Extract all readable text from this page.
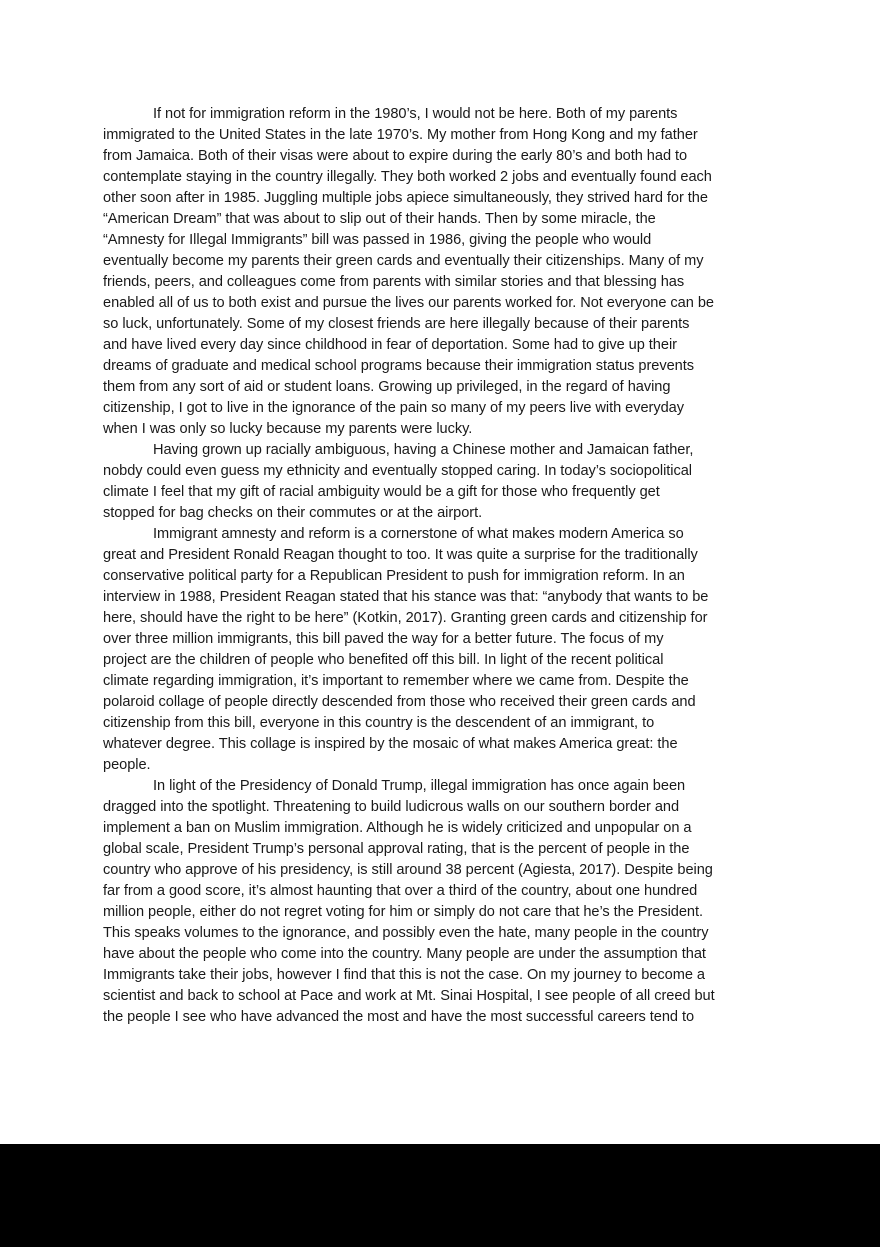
If not for immigration reform in the 1980’s, I would not be here. Both of my parents
immigrated to the United States in the late 1970’s. My mother from Hong Kong and my father
from Jamaica. Both of their visas were about to expire during the early 80’s and both had to
contemplate staying in the country illegally. They both worked 2 jobs and eventually found each
other soon after in 1985. Juggling multiple jobs apiece simultaneously, they strived hard for the
“American Dream” that was about to slip out of their hands. Then by some miracle, the
“Amnesty for Illegal Immigrants” bill was passed in 1986, giving the people who would
eventually become my parents their green cards and eventually their citizenships. Many of my
friends, peers, and colleagues come from parents with similar stories and that blessing has
enabled all of us to both exist and pursue the lives our parents worked for. Not everyone can be
so luck, unfortunately. Some of my closest friends are here illegally because of their parents
and have lived every day since childhood in fear of deportation. Some had to give up their
dreams of graduate and medical school programs because their immigration status prevents
them from any sort of aid or student loans. Growing up privileged, in the regard of having
citizenship, I got to live in the ignorance of the pain so many of my peers live with everyday
when I was only so lucky because my parents were lucky.
Having grown up racially ambiguous, having a Chinese mother and Jamaican father,
nobdy could even guess my ethnicity and eventually stopped caring. In today’s sociopolitical
climate I feel that my gift of racial ambiguity would be a gift for those who frequently get
stopped for bag checks on their commutes or at the airport.
Immigrant amnesty and reform is a cornerstone of what makes modern America so
great and President Ronald Reagan thought to too. It was quite a surprise for the traditionally
conservative political party for a Republican President to push for immigration reform. In an
interview in 1988, President Reagan stated that his stance was that: “anybody that wants to be
here, should have the right to be here” (Kotkin, 2017). Granting green cards and citizenship for
over three million immigrants, this bill paved the way for a better future. The focus of my
project are the children of people who benefited off this bill. In light of the recent political
climate regarding immigration, it’s important to remember where we came from. Despite the
polaroid collage of people directly descended from those who received their green cards and
citizenship from this bill, everyone in this country is the descendent of an immigrant, to
whatever degree. This collage is inspired by the mosaic of what makes America great: the
people.
In light of the Presidency of Donald Trump, illegal immigration has once again been
dragged into the spotlight. Threatening to build ludicrous walls on our southern border and
implement a ban on Muslim immigration. Although he is widely criticized and unpopular on a
global scale, President Trump’s personal approval rating, that is the percent of people in the
country who approve of his presidency, is still around 38 percent (Agiesta, 2017). Despite being
far from a good score, it’s almost haunting that over a third of the country, about one hundred
million people, either do not regret voting for him or simply do not care that he’s the President.
This speaks volumes to the ignorance, and possibly even the hate, many people in the country
have about the people who come into the country. Many people are under the assumption that
Immigrants take their jobs, however I find that this is not the case. On my journey to become a
scientist and back to school at Pace and work at Mt. Sinai Hospital, I see people of all creed but
the people I see who have advanced the most and have the most successful careers tend to
